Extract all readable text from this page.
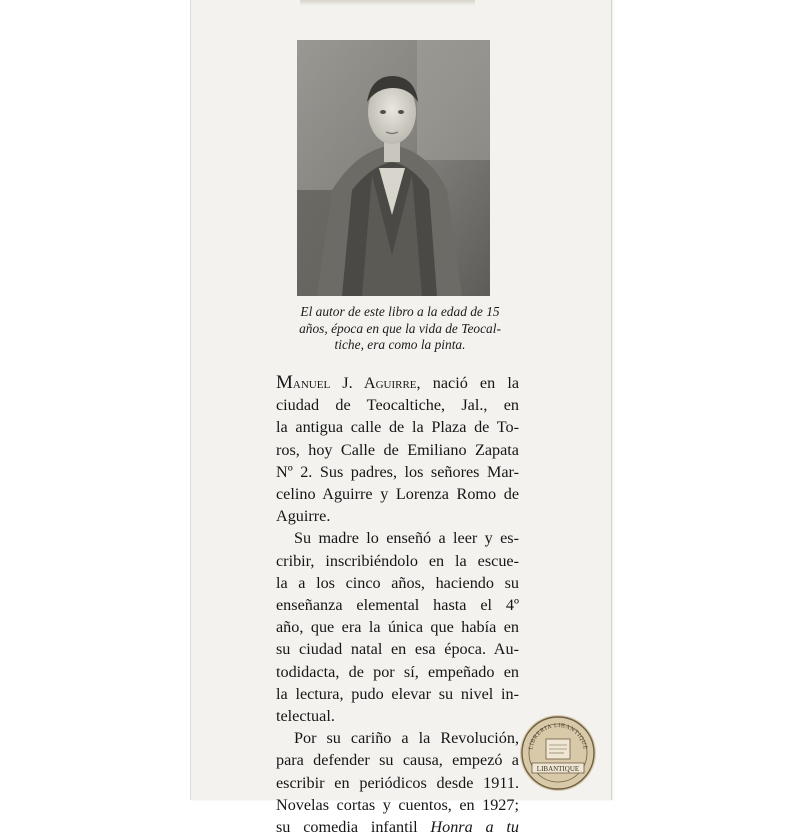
El autor de este libro a la edad de 15
años, época en que la vida de Teocal-
tiche, era como la pinta.
Manuel J. Aguirre, nació en la
ciudad de Teocaltiche, Jal., en
la antigua calle de la Plaza de To-
ros, hoy Calle de Emiliano Zapata
Nº 2. Sus padres, los señores Mar-
celino Aguirre y Lorenza Romo de
Aguirre.
Su madre lo enseñó a leer y es-
cribir, inscribiéndolo en la escue-
la a los cinco años, haciendo su
enseñanza elemental hasta el 4º
año, que era la única que había en
su ciudad natal en esa época. Au-
todidacta, de por sí, empeñado en
la lectura, pudo elevar su nivel in-
telectual.
Por su cariño a la Revolución,
para defender su causa, empezó a
escribir en periódicos desde 1911.
Novelas cortas y cuentos, en 1927;
su comedia infantil Honra a tu
LIBRERIA LIBANTIQUE
LIBANTIQUE
